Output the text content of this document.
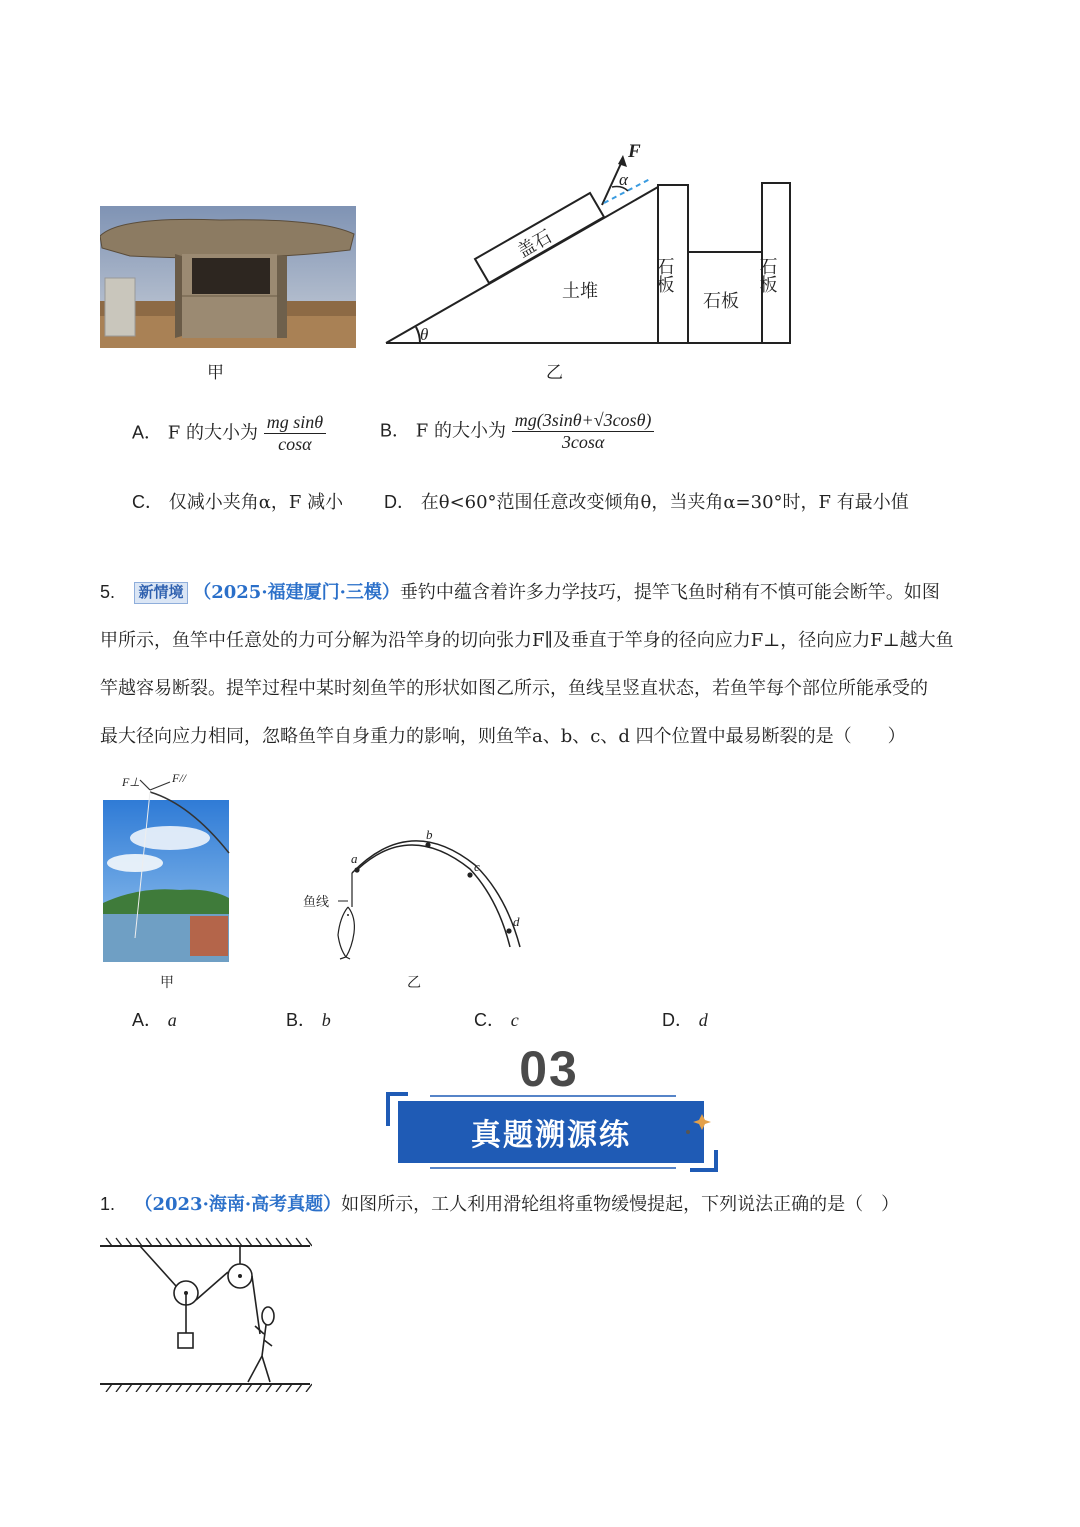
甲
F
α
θ
盖石
土堆	石板
石板	石板
乙
A． F 的大小为 $\frac{\text{mg sinθ}}{\cos\alpha}$	B． F 的大小为 $\frac{mg(3\sin\theta+√3\cos\theta)}{3\cos\alpha}$
C． 仅减小夹角α，F 减小 D． 在θ<60°范围任意改变倾角θ，当夹角α=30°时，F 有最小值
5. 新情境 （2025·福建厦门·三模）垂钓中蕴含着许多力学技巧，提竿飞鱼时稍有不慎可能会断竿。如图
甲所示，鱼竿中任意处的力可分解为沿竿身的切向张力F∥及垂直于竿身的径向应力F⊥，径向应力F⊥越大鱼
竿越容易断裂。提竿过程中某时刻鱼竿的形状如图乙所示，鱼线呈竖直状态，若鱼竿每个部位所能承受的
最大径向应力相同，忽略鱼竿自身重力的影响，则鱼竿a、b、c、d 四个位置中最易断裂的是（　　）
F⊥	F//
甲
a
b
c
d
鱼线
乙
A． a	B． b	C． c	D． d
03
真题溯源练
1. （2023·海南·高考真题）如图所示，工人利用滑轮组将重物缓慢提起，下列说法正确的是（　）
